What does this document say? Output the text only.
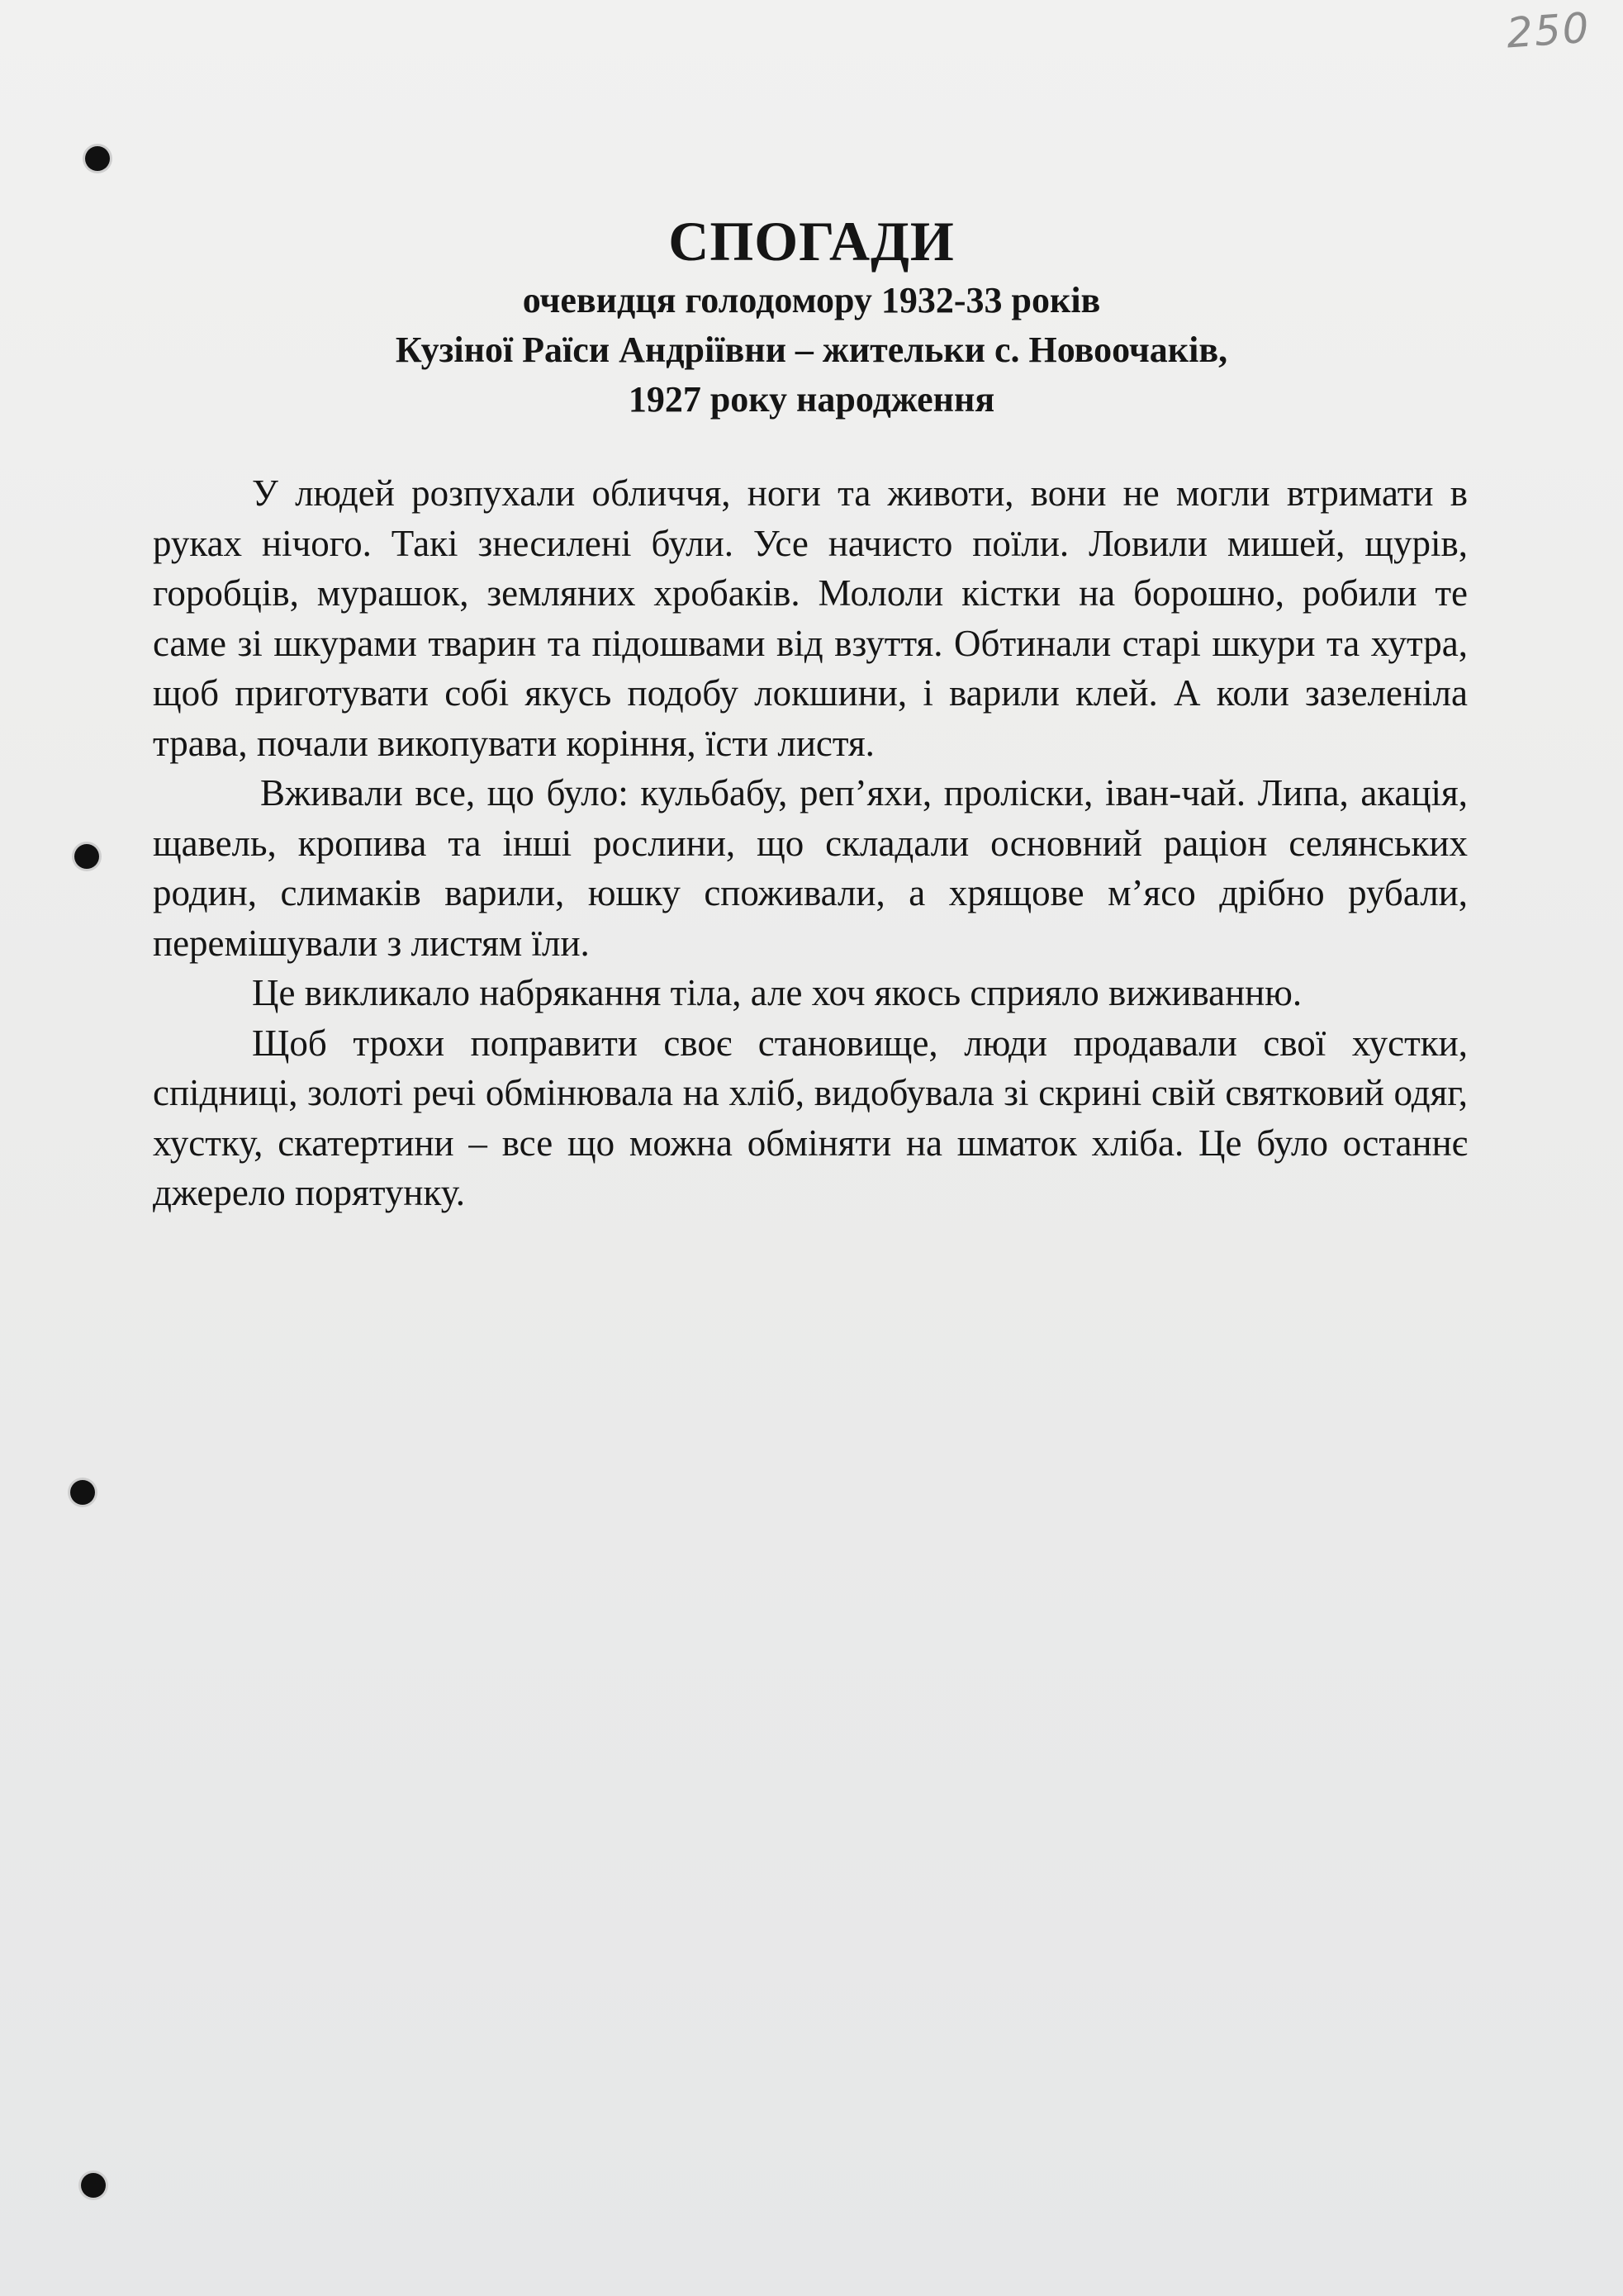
250
СПОГАДИ
очевидця голодомору 1932-33 років
Кузіної Раїси Андріївни – жительки с. Новоочаків,
1927 року народження

У людей розпухали обличчя, ноги та животи, вони не могли втримати в руках нічого. Такі знесилені були. Усе начисто поїли. Ловили мишей, щурів, горобців, мурашок, земляних хробаків. Мололи кістки на борошно, робили те саме зі шкурами тварин та підошвами від взуття. Обтинали старі шкури та хутра, щоб приготувати собі якусь подобу локшини, і варили клей. А коли зазеленіла трава, почали викопувати коріння, їсти листя.

Вживали все, що було: кульбабу, реп’яхи, проліски, іван-чай. Липа, акація, щавель, кропива та інші рослини, що складали основний раціон селянських родин, слимаків варили, юшку споживали, а хрящове м’ясо дрібно рубали, перемішували з листям їли.

Це викликало набрякання тіла, але хоч якось сприяло виживанню.

Щоб трохи поправити своє становище, люди продавали свої хустки, спідниці, золоті речі обмінювала на хліб, видобувала зі скрині свій святковий одяг, хустку, скатертини – все що можна обміняти на шматок хліба. Це було останнє джерело порятунку.
